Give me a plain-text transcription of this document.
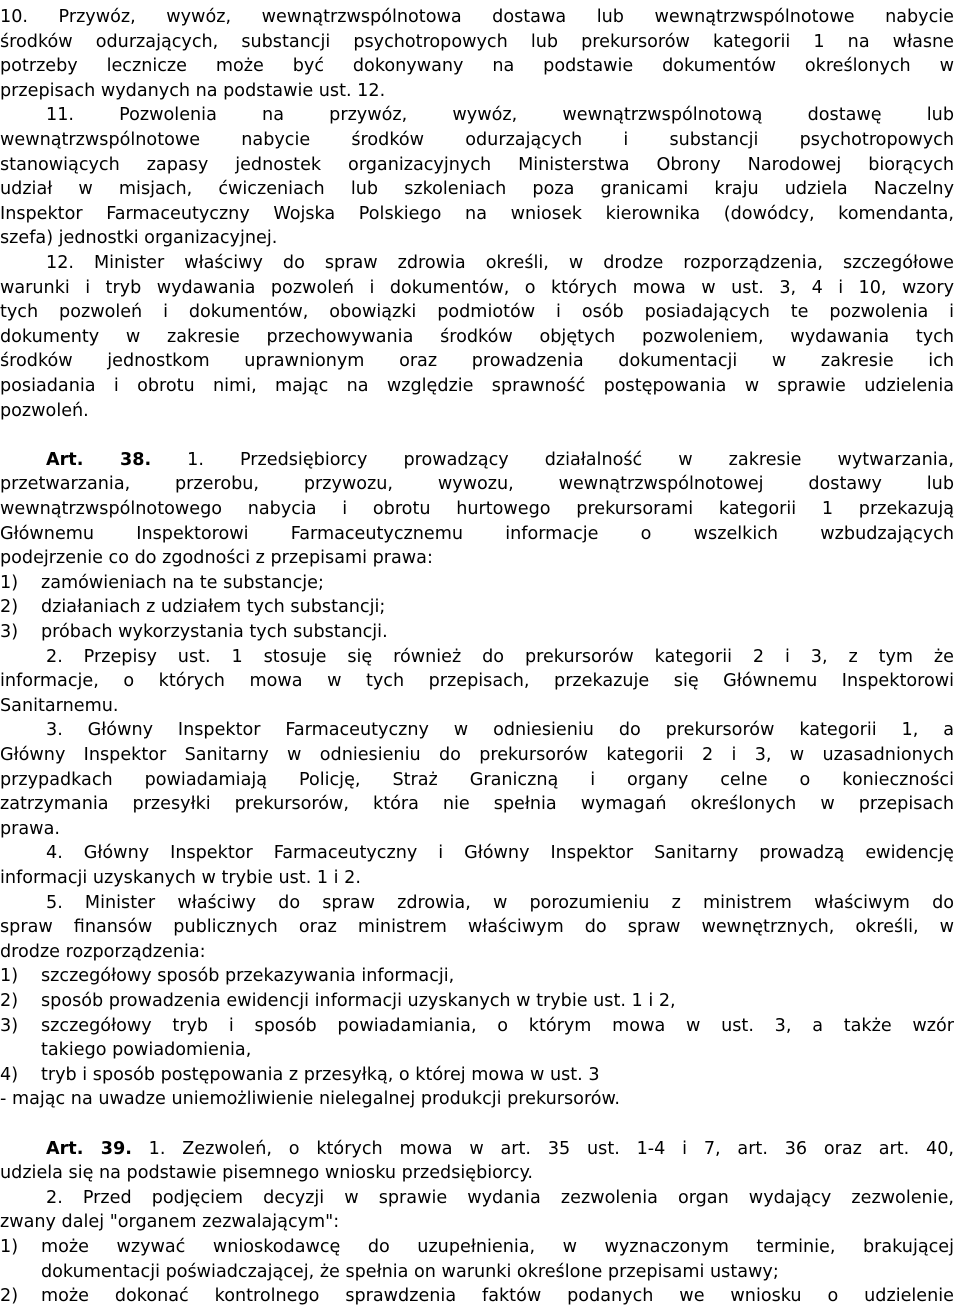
10. Przywóz, wywóz, wewnątrzwspólnotowa dostawa lub wewnątrzwspólnotowe nabycie
środków odurzających, substancji psychotropowych lub prekursorów kategorii 1 na własne
potrzeby lecznicze może być dokonywany na podstawie dokumentów określonych w
przepisach wydanych na podstawie ust. 12.
11. Pozwolenia na przywóz, wywóz, wewnątrzwspólnotową dostawę lub
wewnątrzwspólnotowe nabycie środków odurzających i substancji psychotropowych
stanowiących zapasy jednostek organizacyjnych Ministerstwa Obrony Narodowej biorących
udział w misjach, ćwiczeniach lub szkoleniach poza granicami kraju udziela Naczelny
Inspektor Farmaceutyczny Wojska Polskiego na wniosek kierownika (dowódcy, komendanta,
szefa) jednostki organizacyjnej.
12. Minister właściwy do spraw zdrowia określi, w drodze rozporządzenia, szczegółowe
warunki i tryb wydawania pozwoleń i dokumentów, o których mowa w ust. 3, 4 i 10, wzory
tych pozwoleń i dokumentów, obowiązki podmiotów i osób posiadających te pozwolenia i
dokumenty w zakresie przechowywania środków objętych pozwoleniem, wydawania tych
środków jednostkom uprawnionym oraz prowadzenia dokumentacji w zakresie ich
posiadania i obrotu nimi, mając na względzie sprawność postępowania w sprawie udzielenia
pozwoleń.
Art. 38. 1. Przedsiębiorcy prowadzący działalność w zakresie wytwarzania,
przetwarzania, przerobu, przywozu, wywozu, wewnątrzwspólnotowej dostawy lub
wewnątrzwspólnotowego nabycia i obrotu hurtowego prekursorami kategorii 1 przekazują
Głównemu Inspektorowi Farmaceutycznemu informacje o wszelkich wzbudzających
podejrzenie co do zgodności z przepisami prawa:
1) zamówieniach na te substancje;
2) działaniach z udziałem tych substancji;
3) próbach wykorzystania tych substancji.
2. Przepisy ust. 1 stosuje się również do prekursorów kategorii 2 i 3, z tym że
informacje, o których mowa w tych przepisach, przekazuje się Głównemu Inspektorowi
Sanitarnemu.
3. Główny Inspektor Farmaceutyczny w odniesieniu do prekursorów kategorii 1, a
Główny Inspektor Sanitarny w odniesieniu do prekursorów kategorii 2 i 3, w uzasadnionych
przypadkach powiadamiają Policję, Straż Graniczną i organy celne o konieczności
zatrzymania przesyłki prekursorów, która nie spełnia wymagań określonych w przepisach
prawa.
4. Główny Inspektor Farmaceutyczny i Główny Inspektor Sanitarny prowadzą ewidencję
informacji uzyskanych w trybie ust. 1 i 2.
5. Minister właściwy do spraw zdrowia, w porozumieniu z ministrem właściwym do
spraw finansów publicznych oraz ministrem właściwym do spraw wewnętrznych, określi, w
drodze rozporządzenia:
1) szczegółowy sposób przekazywania informacji,
2) sposób prowadzenia ewidencji informacji uzyskanych w trybie ust. 1 i 2,
3) szczegółowy tryb i sposób powiadamiania, o którym mowa w ust. 3, a także wzór
takiego powiadomienia,
4) tryb i sposób postępowania z przesyłką, o której mowa w ust. 3
- mając na uwadze uniemożliwienie nielegalnej produkcji prekursorów.
Art. 39. 1. Zezwoleń, o których mowa w art. 35 ust. 1-4 i 7, art. 36 oraz art. 40,
udziela się na podstawie pisemnego wniosku przedsiębiorcy.
2. Przed podjęciem decyzji w sprawie wydania zezwolenia organ wydający zezwolenie,
zwany dalej "organem zezwalającym":
1) może wzywać wnioskodawcę do uzupełnienia, w wyznaczonym terminie, brakującej
dokumentacji poświadczającej, że spełnia on warunki określone przepisami ustawy;
2) może dokonać kontrolnego sprawdzenia faktów podanych we wniosku o udzielenie
